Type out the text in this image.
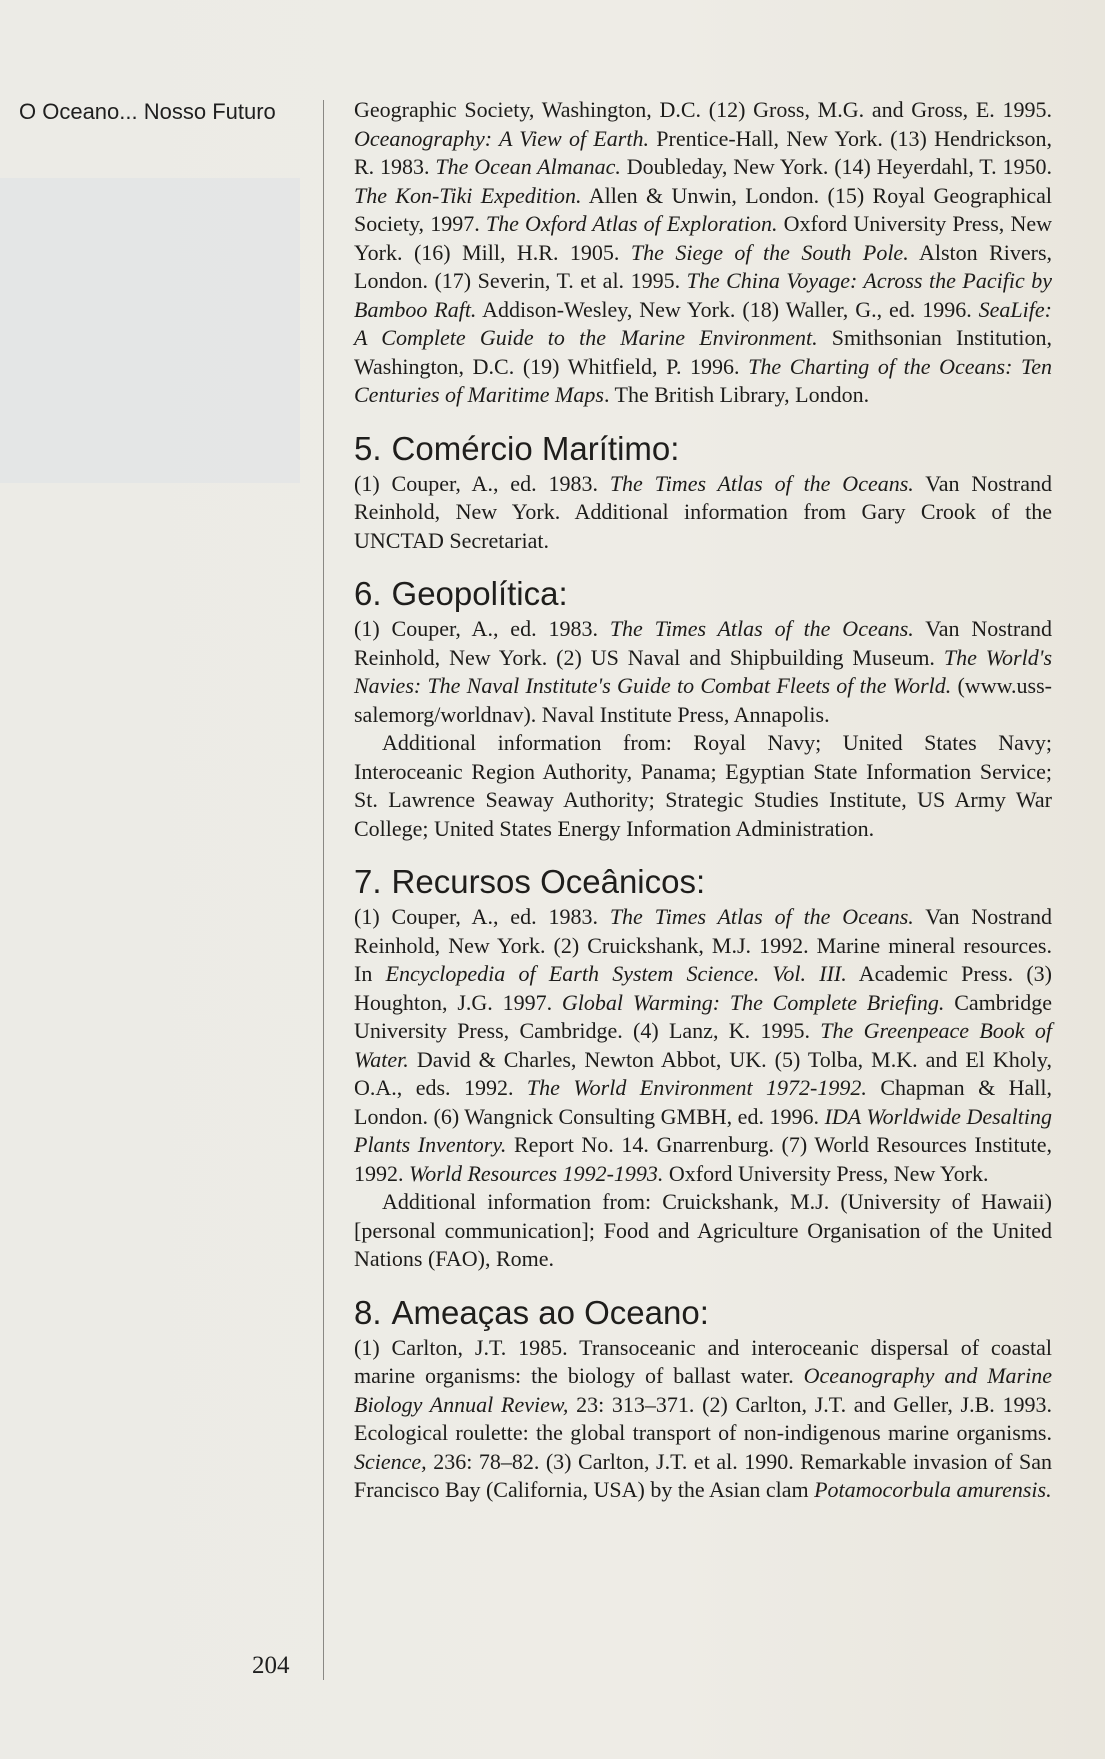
O Oceano... Nosso Futuro
204

Geographic Society, Washington, D.C. (12) Gross, M.G. and Gross, E. 1995. Oceanography: A View of Earth. Prentice-Hall, New York. (13) Hendrickson, R. 1983. The Ocean Almanac. Doubleday, New York. (14) Heyerdahl, T. 1950. The Kon-Tiki Expedition. Allen & Unwin, London. (15) Royal Geographical Society, 1997. The Oxford Atlas of Exploration. Oxford University Press, New York. (16) Mill, H.R. 1905. The Siege of the South Pole. Alston Rivers, London. (17) Severin, T. et al. 1995. The China Voyage: Across the Pacific by Bamboo Raft. Addison-Wesley, New York. (18) Waller, G., ed. 1996. SeaLife: A Complete Guide to the Marine Environment. Smithsonian Institution, Washington, D.C. (19) Whitfield, P. 1996. The Charting of the Oceans: Ten Centuries of Maritime Maps. The British Library, London.

5. Comércio Marítimo:

(1) Couper, A., ed. 1983. The Times Atlas of the Oceans. Van Nostrand Reinhold, New York. Additional information from Gary Crook of the UNCTAD Secretariat.

6. Geopolítica:

(1) Couper, A., ed. 1983. The Times Atlas of the Oceans. Van Nostrand Reinhold, New York. (2) US Naval and Shipbuilding Museum. The World's Navies: The Naval Institute's Guide to Combat Fleets of the World. (www.uss-salemorg/worldnav). Naval Institute Press, Annapolis.

Additional information from: Royal Navy; United States Navy; Interoceanic Region Authority, Panama; Egyptian State Information Service; St. Lawrence Seaway Authority; Strategic Studies Institute, US Army War College; United States Energy Information Administration.

7. Recursos Oceânicos:

(1) Couper, A., ed. 1983. The Times Atlas of the Oceans. Van Nostrand Reinhold, New York. (2) Cruickshank, M.J. 1992. Marine mineral resources. In Encyclopedia of Earth System Science. Vol. III. Academic Press. (3) Houghton, J.G. 1997. Global Warming: The Complete Briefing. Cambridge University Press, Cambridge. (4) Lanz, K. 1995. The Greenpeace Book of Water. David & Charles, Newton Abbot, UK. (5) Tolba, M.K. and El Kholy, O.A., eds. 1992. The World Environment 1972-1992. Chapman & Hall, London. (6) Wangnick Consulting GMBH, ed. 1996. IDA Worldwide Desalting Plants Inventory. Report No. 14. Gnarrenburg. (7) World Resources Institute, 1992. World Resources 1992-1993. Oxford University Press, New York.

Additional information from: Cruickshank, M.J. (University of Hawaii) [personal communication]; Food and Agriculture Organisation of the United Nations (FAO), Rome.

8. Ameaças ao Oceano:

(1) Carlton, J.T. 1985. Transoceanic and interoceanic dispersal of coastal marine organisms: the biology of ballast water. Oceanography and Marine Biology Annual Review, 23: 313–371. (2) Carlton, J.T. and Geller, J.B. 1993. Ecological roulette: the global transport of non-indigenous marine organisms. Science, 236: 78–82. (3) Carlton, J.T. et al. 1990. Remarkable invasion of San Francisco Bay (California, USA) by the Asian clam Potamocorbula amurensis.
